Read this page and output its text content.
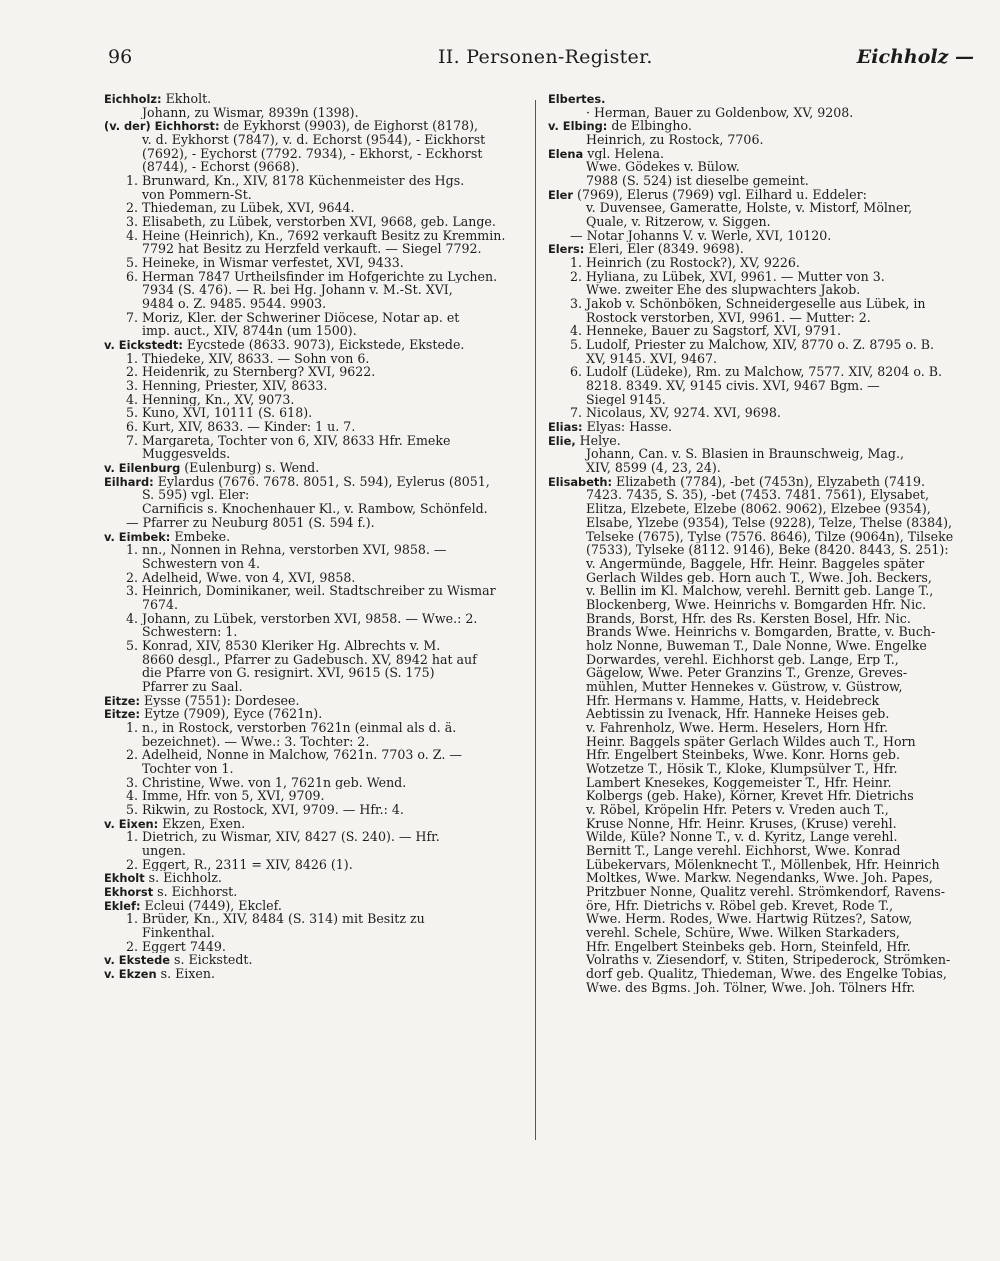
96	II. Personen-Register.	Eichholz —
Eichholz: Ekholt.
Johann, zu Wismar, 8939n (1398).
(v. der) Eichhorst: de Eykhorst (9903), de Eighorst (8178),
v. d. Eykhorst (7847), v. d. Echorst (9544), - Eickhorst
(7692), - Eychorst (7792. 7934), - Ekhorst, - Eckhorst
(8744), - Echorst (9668).
1. Brunward, Kn., XIV, 8178 Küchenmeister des Hgs.
von Pommern-St.
2. Thiedeman, zu Lübek, XVI, 9644.
3. Elisabeth, zu Lübek, verstorben XVI, 9668, geb. Lange.
4. Heine (Heinrich), Kn., 7692 verkauft Besitz zu Kremmin.
7792 hat Besitz zu Herzfeld verkauft. — Siegel 7792.
5. Heineke, in Wismar verfestet, XVI, 9433.
6. Herman 7847 Urtheilsfinder im Hofgerichte zu Lychen.
7934 (S. 476). — R. bei Hg. Johann v. M.-St. XVI,
9484 o. Z. 9485. 9544. 9903.
7. Moriz, Kler. der Schweriner Diöcese, Notar ap. et
imp. auct., XIV, 8744n (um 1500).
v. Eickstedt: Eycstede (8633. 9073), Eickstede, Ekstede.
1. Thiedeke, XIV, 8633. — Sohn von 6.
2. Heidenrik, zu Sternberg? XVI, 9622.
3. Henning, Priester, XIV, 8633.
4. Henning, Kn., XV, 9073.
5. Kuno, XVI, 10111 (S. 618).
6. Kurt, XIV, 8633. — Kinder: 1 u. 7.
7. Margareta, Tochter von 6, XIV, 8633 Hfr. Emeke
Muggesvelds.
v. Eilenburg (Eulenburg) s. Wend.
Eilhard: Eylardus (7676. 7678. 8051, S. 594), Eylerus (8051,
S. 595) vgl. Eler:
Carnificis s. Knochenhauer Kl., v. Rambow, Schönfeld.
— Pfarrer zu Neuburg 8051 (S. 594 f.).
v. Eimbek: Embeke.
1. nn., Nonnen in Rehna, verstorben XVI, 9858. —
Schwestern von 4.
2. Adelheid, Wwe. von 4, XVI, 9858.
3. Heinrich, Dominikaner, weil. Stadtschreiber zu Wismar
7674.
4. Johann, zu Lübek, verstorben XVI, 9858. — Wwe.: 2.
Schwestern: 1.
5. Konrad, XIV, 8530 Kleriker Hg. Albrechts v. M.
8660 desgl., Pfarrer zu Gadebusch. XV, 8942 hat auf
die Pfarre von G. resignirt. XVI, 9615 (S. 175)
Pfarrer zu Saal.
Eitze: Eysse (7551): Dordesee.
Eitze: Eytze (7909), Eyce (7621n).
1. n., in Rostock, verstorben 7621n (einmal als d. ä.
bezeichnet). — Wwe.: 3. Tochter: 2.
2. Adelheid, Nonne in Malchow, 7621n. 7703 o. Z. —
Tochter von 1.
3. Christine, Wwe. von 1, 7621n geb. Wend.
4. Imme, Hfr. von 5, XVI, 9709.
5. Rikwin, zu Rostock, XVI, 9709. — Hfr.: 4.
v. Eixen: Ekzen, Exen.
1. Dietrich, zu Wismar, XIV, 8427 (S. 240). — Hfr.
ungen.
2. Eggert, R., 2311 = XIV, 8426 (1).
Ekholt s. Eichholz.
Ekhorst s. Eichhorst.
Eklef: Ecleui (7449), Ekclef.
1. Brüder, Kn., XIV, 8484 (S. 314) mit Besitz zu
Finkenthal.
2. Eggert 7449.
v. Ekstede s. Eickstedt.
v. Ekzen s. Eixen.
Elbertes.
· Herman, Bauer zu Goldenbow, XV, 9208.
v. Elbing: de Elbingho.
Heinrich, zu Rostock, 7706.
Elena vgl. Helena.
Wwe. Gödekes v. Bülow.
7988 (S. 524) ist dieselbe gemeint.
Eler (7969), Elerus (7969) vgl. Eilhard u. Eddeler:
v. Duvensee, Gameratte, Holste, v. Mistorf, Mölner,
Quale, v. Ritzerow, v. Siggen.
— Notar Johanns V. v. Werle, XVI, 10120.
Elers: Eleri, Eler (8349. 9698).
1. Heinrich (zu Rostock?), XV, 9226.
2. Hyliana, zu Lübek, XVI, 9961. — Mutter von 3.
Wwe. zweiter Ehe des slupwachters Jakob.
3. Jakob v. Schönböken, Schneidergeselle aus Lübek, in
Rostock verstorben, XVI, 9961. — Mutter: 2.
4. Henneke, Bauer zu Sagstorf, XVI, 9791.
5. Ludolf, Priester zu Malchow, XIV, 8770 o. Z. 8795 o. B.
XV, 9145. XVI, 9467.
6. Ludolf (Lüdeke), Rm. zu Malchow, 7577. XIV, 8204 o. B.
8218. 8349. XV, 9145 civis. XVI, 9467 Bgm. —
Siegel 9145.
7. Nicolaus, XV, 9274. XVI, 9698.
Elias: Elyas: Hasse.
Elie, Helye.
Johann, Can. v. S. Blasien in Braunschweig, Mag.,
XIV, 8599 (4, 23, 24).
Elisabeth: Elizabeth (7784), -bet (7453n), Elyzabeth (7419.
7423. 7435, S. 35), -bet (7453. 7481. 7561), Elysabet,
Elitza, Elzebete, Elzebe (8062. 9062), Elzebee (9354),
Elsabe, Ylzebe (9354), Telse (9228), Telze, Thelse (8384),
Telseke (7675), Tylse (7576. 8646), Tilze (9064n), Tilseke
(7533), Tylseke (8112. 9146), Beke (8420. 8443, S. 251):
v. Angermünde, Baggele, Hfr. Heinr. Baggeles später
Gerlach Wildes geb. Horn auch T., Wwe. Joh. Beckers,
v. Bellin im Kl. Malchow, verehl. Bernitt geb. Lange T.,
Blockenberg, Wwe. Heinrichs v. Bomgarden Hfr. Nic.
Brands, Borst, Hfr. des Rs. Kersten Bosel, Hfr. Nic.
Brands Wwe. Heinrichs v. Bomgarden, Bratte, v. Buch-
holz Nonne, Buweman T., Dale Nonne, Wwe. Engelke
Dorwardes, verehl. Eichhorst geb. Lange, Erp T.,
Gägelow, Wwe. Peter Granzins T., Grenze, Greves-
mühlen, Mutter Hennekes v. Güstrow, v. Güstrow,
Hfr. Hermans v. Hamme, Hatts, v. Heidebreck
Aebtissin zu Ivenack, Hfr. Hanneke Heises geb.
v. Fahrenholz, Wwe. Herm. Heselers, Horn Hfr.
Heinr. Baggels später Gerlach Wildes auch T., Horn
Hfr. Engelbert Steinbeks, Wwe. Konr. Horns geb.
Wotzetze T., Hösik T., Kloke, Klumpsülver T., Hfr.
Lambert Knesekes, Koggemeister T., Hfr. Heinr.
Kolbergs (geb. Hake), Körner, Krevet Hfr. Dietrichs
v. Röbel, Kröpelin Hfr. Peters v. Vreden auch T.,
Kruse Nonne, Hfr. Heinr. Kruses, (Kruse) verehl.
Wilde, Küle? Nonne T., v. d. Kyritz, Lange verehl.
Bernitt T., Lange verehl. Eichhorst, Wwe. Konrad
Lübekervars, Mölenknecht T., Möllenbek, Hfr. Heinrich
Moltkes, Wwe. Markw. Negendanks, Wwe. Joh. Papes,
Pritzbuer Nonne, Qualitz verehl. Strömkendorf, Ravens-
öre, Hfr. Dietrichs v. Röbel geb. Krevet, Rode T.,
Wwe. Herm. Rodes, Wwe. Hartwig Rützes?, Satow,
verehl. Schele, Schüre, Wwe. Wilken Starkaders,
Hfr. Engelbert Steinbeks geb. Horn, Steinfeld, Hfr.
Volraths v. Ziesendorf, v. Stiten, Stripederock, Strömken-
dorf geb. Qualitz, Thiedeman, Wwe. des Engelke Tobias,
Wwe. des Bgms. Joh. Tölner, Wwe. Joh. Tölners Hfr.
